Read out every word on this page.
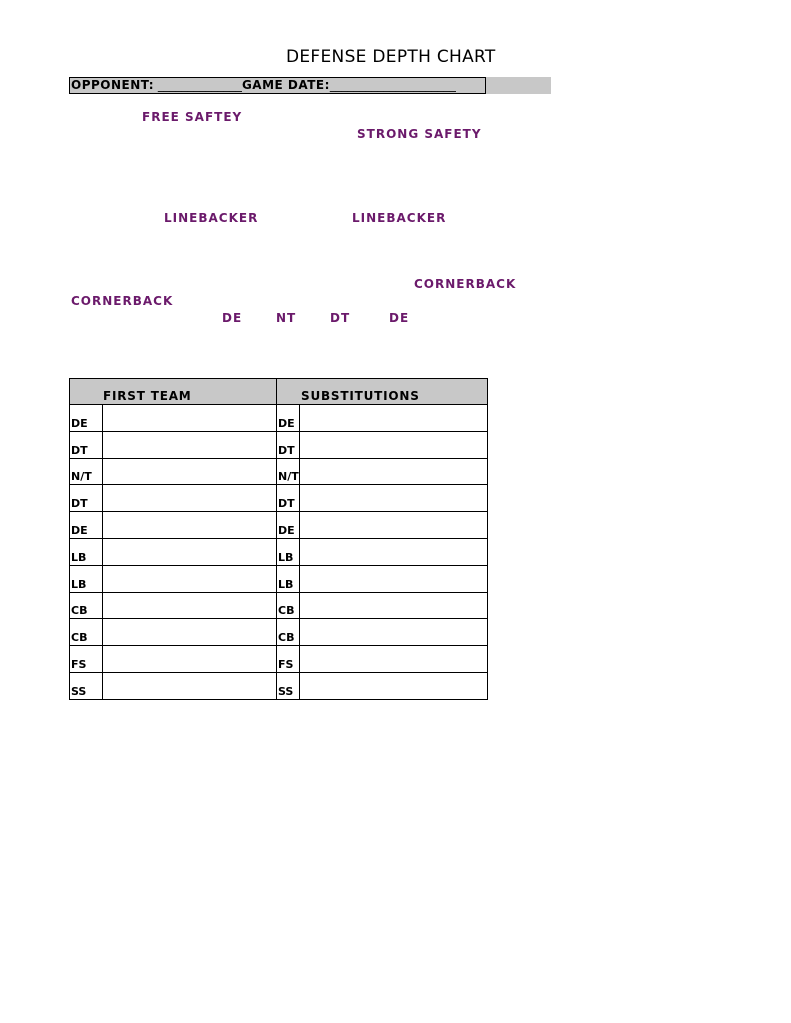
DEFENSE DEPTH CHART
OPPONENT: ______________GAME DATE:_____________________
FREE SAFTEY
STRONG SAFETY
LINEBACKER	LINEBACKER
CORNERBACK
CORNERBACK
DE	NT	DT	DE
FIRST TEAM		SUBSTITUTIONS	
DE		DE	
DT		DT	
N/T		N/T	
DT		DT	
DE		DE	
LB		LB	
LB		LB	
CB		CB	
CB		CB	
FS		FS	
SS		SS	
